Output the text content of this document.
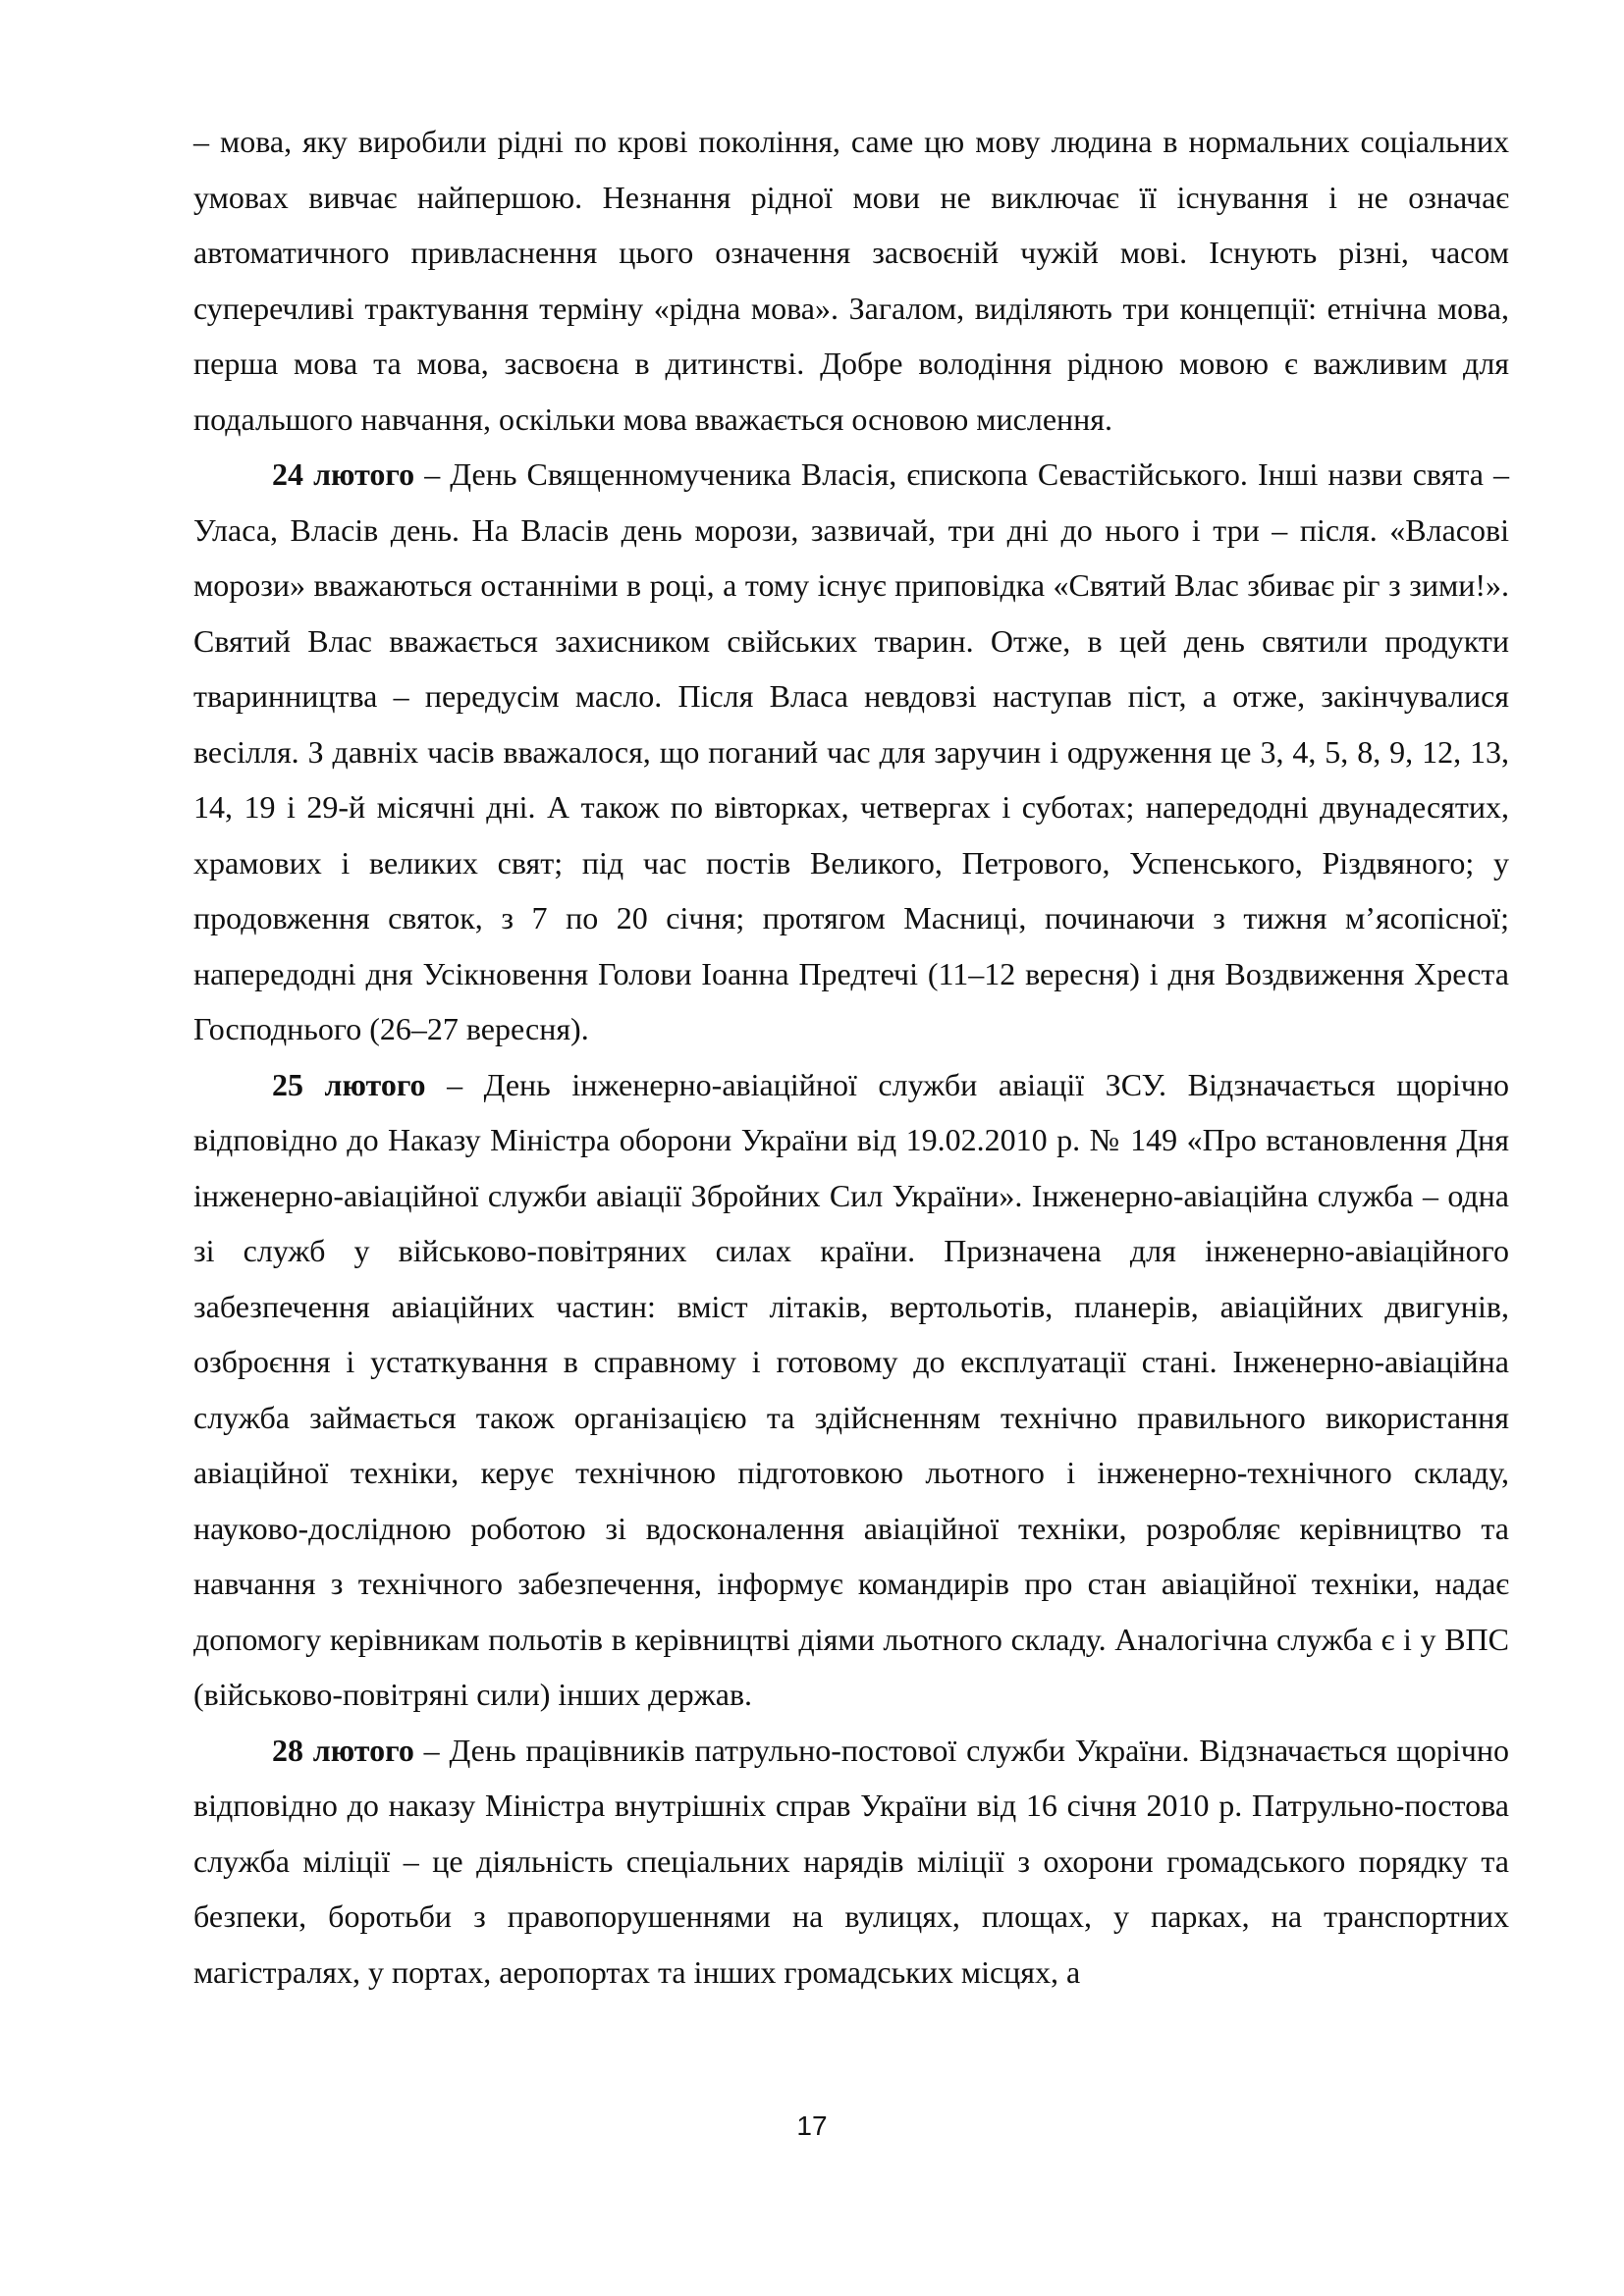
– мова, яку виробили рідні по крові покоління, саме цю мову людина в нормальних соціальних умовах вивчає найпершою. Незнання рідної мови не виключає її існування і не означає автоматичного привласнення цього означення засвоєній чужій мові. Існують різні, часом суперечливі трактування терміну «рідна мова». Загалом, виділяють три концепції: етнічна мова, перша мова та мова, засвоєна в дитинстві. Добре володіння рідною мовою є важливим для подальшого навчання, оскільки мова вважається основою мислення.

24 лютого – День Священномученика Власія, єпископа Севастійського. Інші назви свята – Уласа, Власів день. На Власів день морози, зазвичай, три дні до нього і три – після. «Власові морози» вважаються останніми в році, а тому існує приповідка «Святий Влас збиває ріг з зими!». Святий Влас вважається захисником свійських тварин. Отже, в цей день святили продукти тваринництва – передусім масло. Після Власа невдовзі наступав піст, а отже, закінчувалися весілля. З давніх часів вважалося, що поганий час для заручин і одруження це 3, 4, 5, 8, 9, 12, 13, 14, 19 і 29-й місячні дні. А також по вівторках, четвергах і суботах; напередодні двунадесятих, храмових і великих свят; під час постів Великого, Петрового, Успенського, Різдвяного; у продовження святок, з 7 по 20 січня; протягом Масниці, починаючи з тижня м’ясопісної; напередодні дня Усікновення Голови Іоанна Предтечі (11–12 вересня) і дня Воздвиження Хреста Господнього (26–27 вересня).

25 лютого – День інженерно-авіаційної служби авіації ЗСУ. Відзначається щорічно відповідно до Наказу Міністра оборони України від 19.02.2010 р. № 149 «Про встановлення Дня інженерно-авіаційної служби авіації Збройних Сил України». Інженерно-авіаційна служба – одна зі служб у військово-повітряних силах країни. Призначена для інженерно-авіаційного забезпечення авіаційних частин: вміст літаків, вертольотів, планерів, авіаційних двигунів, озброєння і устаткування в справному і готовому до експлуатації стані. Інженерно-авіаційна служба займається також організацією та здійсненням технічно правильного використання авіаційної техніки, керує технічною підготовкою льотного і інженерно-технічного складу, науково-дослідною роботою зі вдосконалення авіаційної техніки, розробляє керівництво та навчання з технічного забезпечення, інформує командирів про стан авіаційної техніки, надає допомогу керівникам польотів в керівництві діями льотного складу. Аналогічна служба є і у ВПС (військово-повітряні сили) інших держав.

28 лютого – День працівників патрульно-постової служби України. Відзначається щорічно відповідно до наказу Міністра внутрішніх справ України від 16 січня 2010 р. Патрульно-постова служба міліції – це діяльність спеціальних нарядів міліції з охорони громадського порядку та безпеки, боротьби з правопорушеннями на вулицях, площах, у парках, на транспортних магістралях, у портах, аеропортах та інших громадських місцях, а

17
